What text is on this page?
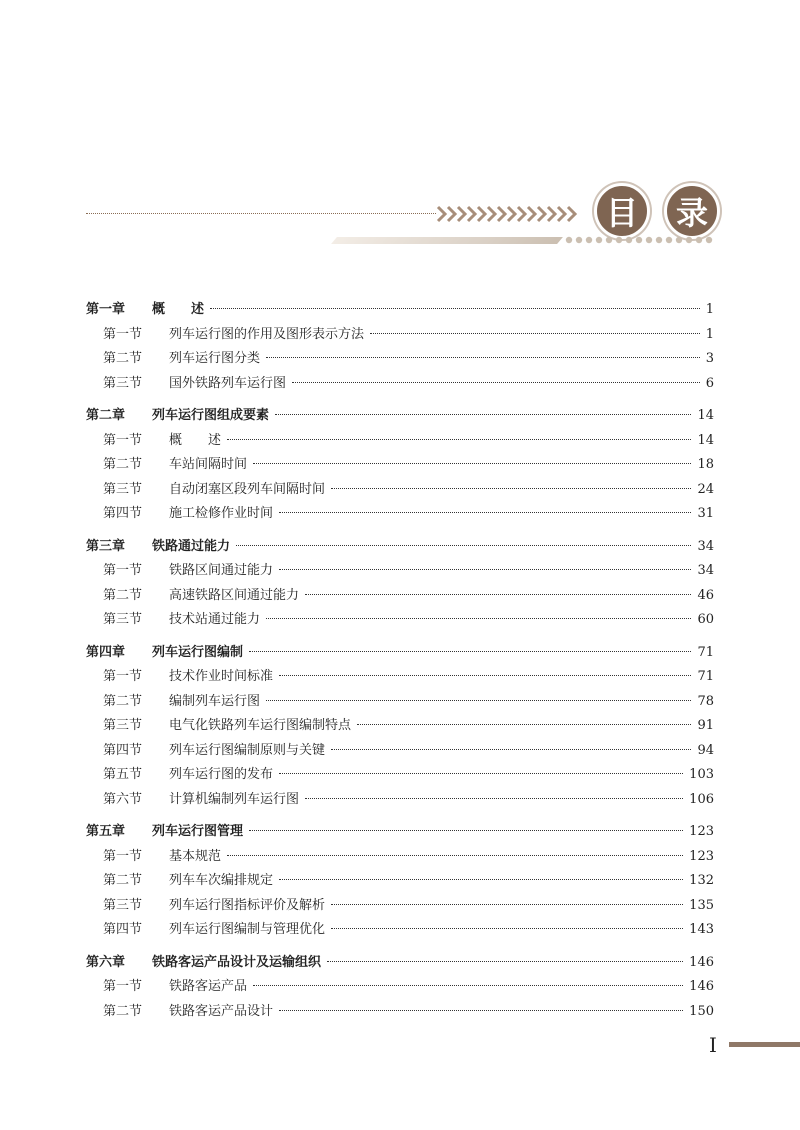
目	录
第一章	概　　述	1
第一节	列车运行图的作用及图形表示方法	1
第二节	列车运行图分类	3
第三节	国外铁路列车运行图	6
第二章	列车运行图组成要素	14
第一节	概　　述	14
第二节	车站间隔时间	18
第三节	自动闭塞区段列车间隔时间	24
第四节	施工检修作业时间	31
第三章	铁路通过能力	34
第一节	铁路区间通过能力	34
第二节	高速铁路区间通过能力	46
第三节	技术站通过能力	60
第四章	列车运行图编制	71
第一节	技术作业时间标准	71
第二节	编制列车运行图	78
第三节	电气化铁路列车运行图编制特点	91
第四节	列车运行图编制原则与关键	94
第五节	列车运行图的发布	103
第六节	计算机编制列车运行图	106
第五章	列车运行图管理	123
第一节	基本规范	123
第二节	列车车次编排规定	132
第三节	列车运行图指标评价及解析	135
第四节	列车运行图编制与管理优化	143
第六章	铁路客运产品设计及运输组织	146
第一节	铁路客运产品	146
第二节	铁路客运产品设计	150
I
